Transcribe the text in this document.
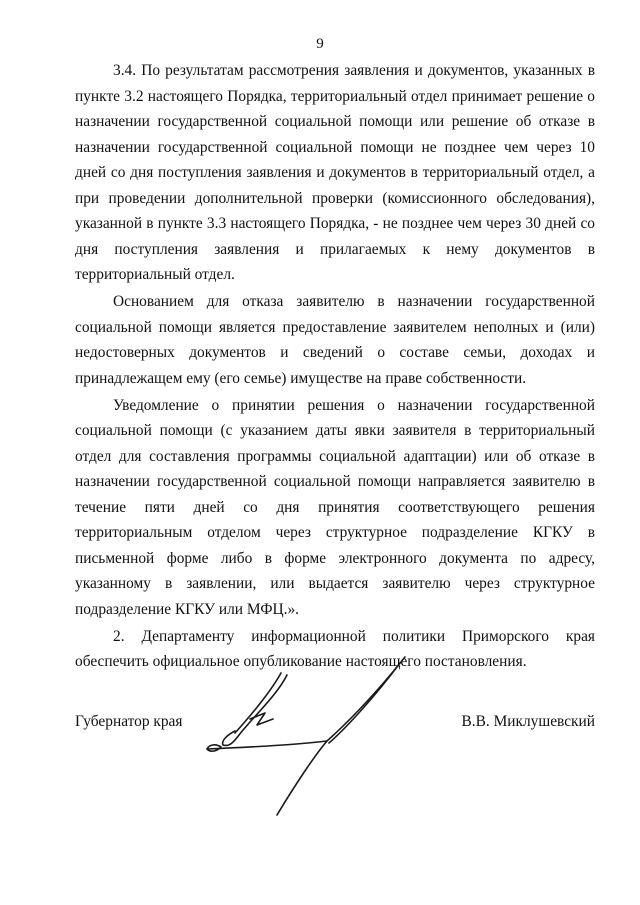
9

3.4. По результатам рассмотрения заявления и документов, указанных в пункте 3.2 настоящего Порядка, территориальный отдел принимает решение о назначении государственной социальной помощи или решение об отказе в назначении государственной социальной помощи не позднее чем через 10 дней со дня поступления заявления и документов в территориальный отдел, а при проведении дополнительной проверки (комиссионного обследования), указанной в пункте 3.3 настоящего Порядка, - не позднее чем через 30 дней со дня поступления заявления и прилагаемых к нему документов в территориальный отдел.

Основанием для отказа заявителю в назначении государственной социальной помощи является предоставление заявителем неполных и (или) недостоверных документов и сведений о составе семьи, доходах и принадлежащем ему (его семье) имуществе на праве собственности.

Уведомление о принятии решения о назначении государственной социальной помощи (с указанием даты явки заявителя в территориальный отдел для составления программы социальной адаптации) или об отказе в назначении государственной социальной помощи направляется заявителю в течение пяти дней со дня принятия соответствующего решения территориальным отделом через структурное подразделение КГКУ в письменной форме либо в форме электронного документа по адресу, указанному в заявлении, или выдается заявителю через структурное подразделение КГКУ или МФЦ.».

2. Департаменту информационной политики Приморского края обеспечить официальное опубликование настоящего постановления.

Губернатор края	В.В. Миклушевский
